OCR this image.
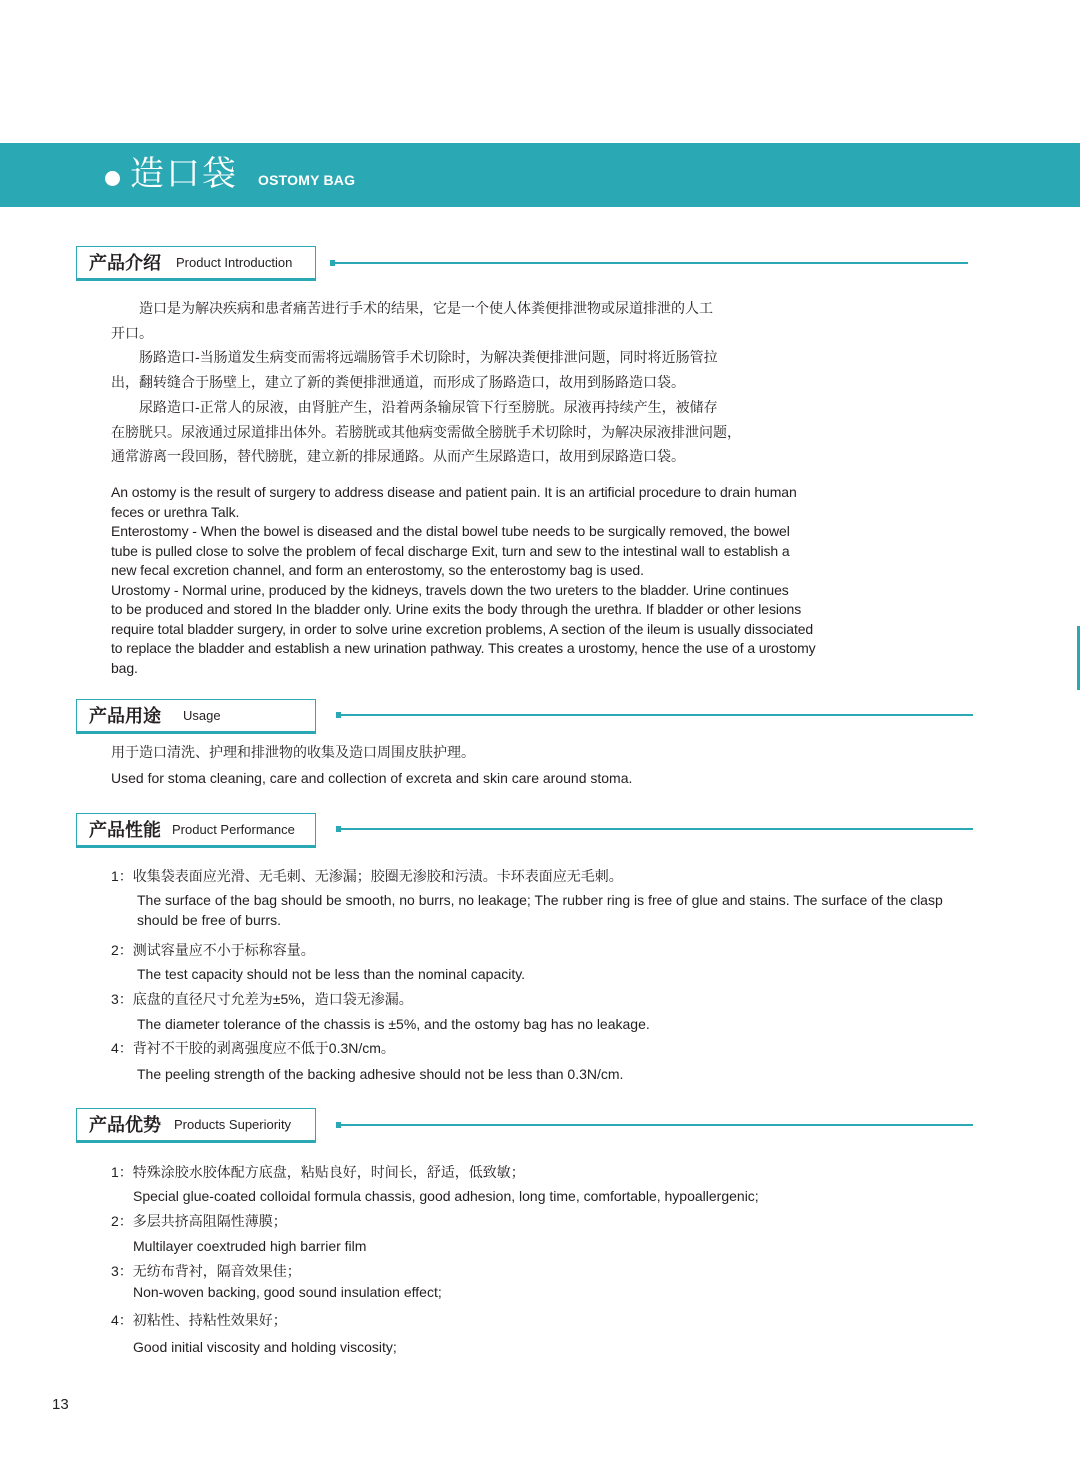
造口袋 OSTOMY BAG
产品介绍 Product Introduction
造口是为解决疾病和患者痛苦进行手术的结果，它是一个使人体粪便排泄物或尿道排泄的人工
开口。
肠路造口-当肠道发生病变而需将远端肠管手术切除时，为解决粪便排泄问题，同时将近肠管拉
出，翻转缝合于肠壁上，建立了新的粪便排泄通道，而形成了肠路造口，故用到肠路造口袋。
尿路造口-正常人的尿液，由肾脏产生，沿着两条输尿管下行至膀胱。尿液再持续产生，被储存
在膀胱只。尿液通过尿道排出体外。若膀胱或其他病变需做全膀胱手术切除时，为解决尿液排泄问题，
通常游离一段回肠，替代膀胱，建立新的排尿通路。从而产生尿路造口，故用到尿路造口袋。
An ostomy is the result of surgery to address disease and patient pain. It is an artificial procedure to drain human
feces or urethra Talk.
Enterostomy - When the bowel is diseased and the distal bowel tube needs to be surgically removed, the bowel
tube is pulled close to solve the problem of fecal discharge Exit, turn and sew to the intestinal wall to establish a
new fecal excretion channel, and form an enterostomy, so the enterostomy bag is used.
Urostomy - Normal urine, produced by the kidneys, travels down the two ureters to the bladder. Urine continues
to be produced and stored In the bladder only. Urine exits the body through the urethra. If bladder or other lesions
require total bladder surgery, in order to solve urine excretion problems, A section of the ileum is usually dissociated
to replace the bladder and establish a new urination pathway. This creates a urostomy, hence the use of a urostomy
bag.
产品用途 Usage
用于造口清洗、护理和排泄物的收集及造口周围皮肤护理。
Used for stoma cleaning, care and collection of excreta and skin care around stoma.
产品性能 Product Performance
1：收集袋表面应光滑、无毛刺、无渗漏；胶圈无渗胶和污渍。卡环表面应无毛刺。
The surface of the bag should be smooth, no burrs, no leakage; The rubber ring is free of glue and stains. The surface of the clasp
should be free of burrs.
2：测试容量应不小于标称容量。
The test capacity should not be less than the nominal capacity.
3：底盘的直径尺寸允差为±5%，造口袋无渗漏。
The diameter tolerance of the chassis is ±5%, and the ostomy bag has no leakage.
4：背衬不干胶的剥离强度应不低于0.3N/cm。
The peeling strength of the backing adhesive should not be less than 0.3N/cm.
产品优势 Products Superiority
1：特殊涂胶水胶体配方底盘，粘贴良好，时间长，舒适，低致敏；
Special glue-coated colloidal formula chassis, good adhesion, long time, comfortable, hypoallergenic;
2：多层共挤高阻隔性薄膜；
Multilayer coextruded high barrier film
3：无纺布背衬，隔音效果佳；
Non-woven backing, good sound insulation effect;
4：初粘性、持粘性效果好；
Good initial viscosity and holding viscosity;
13
